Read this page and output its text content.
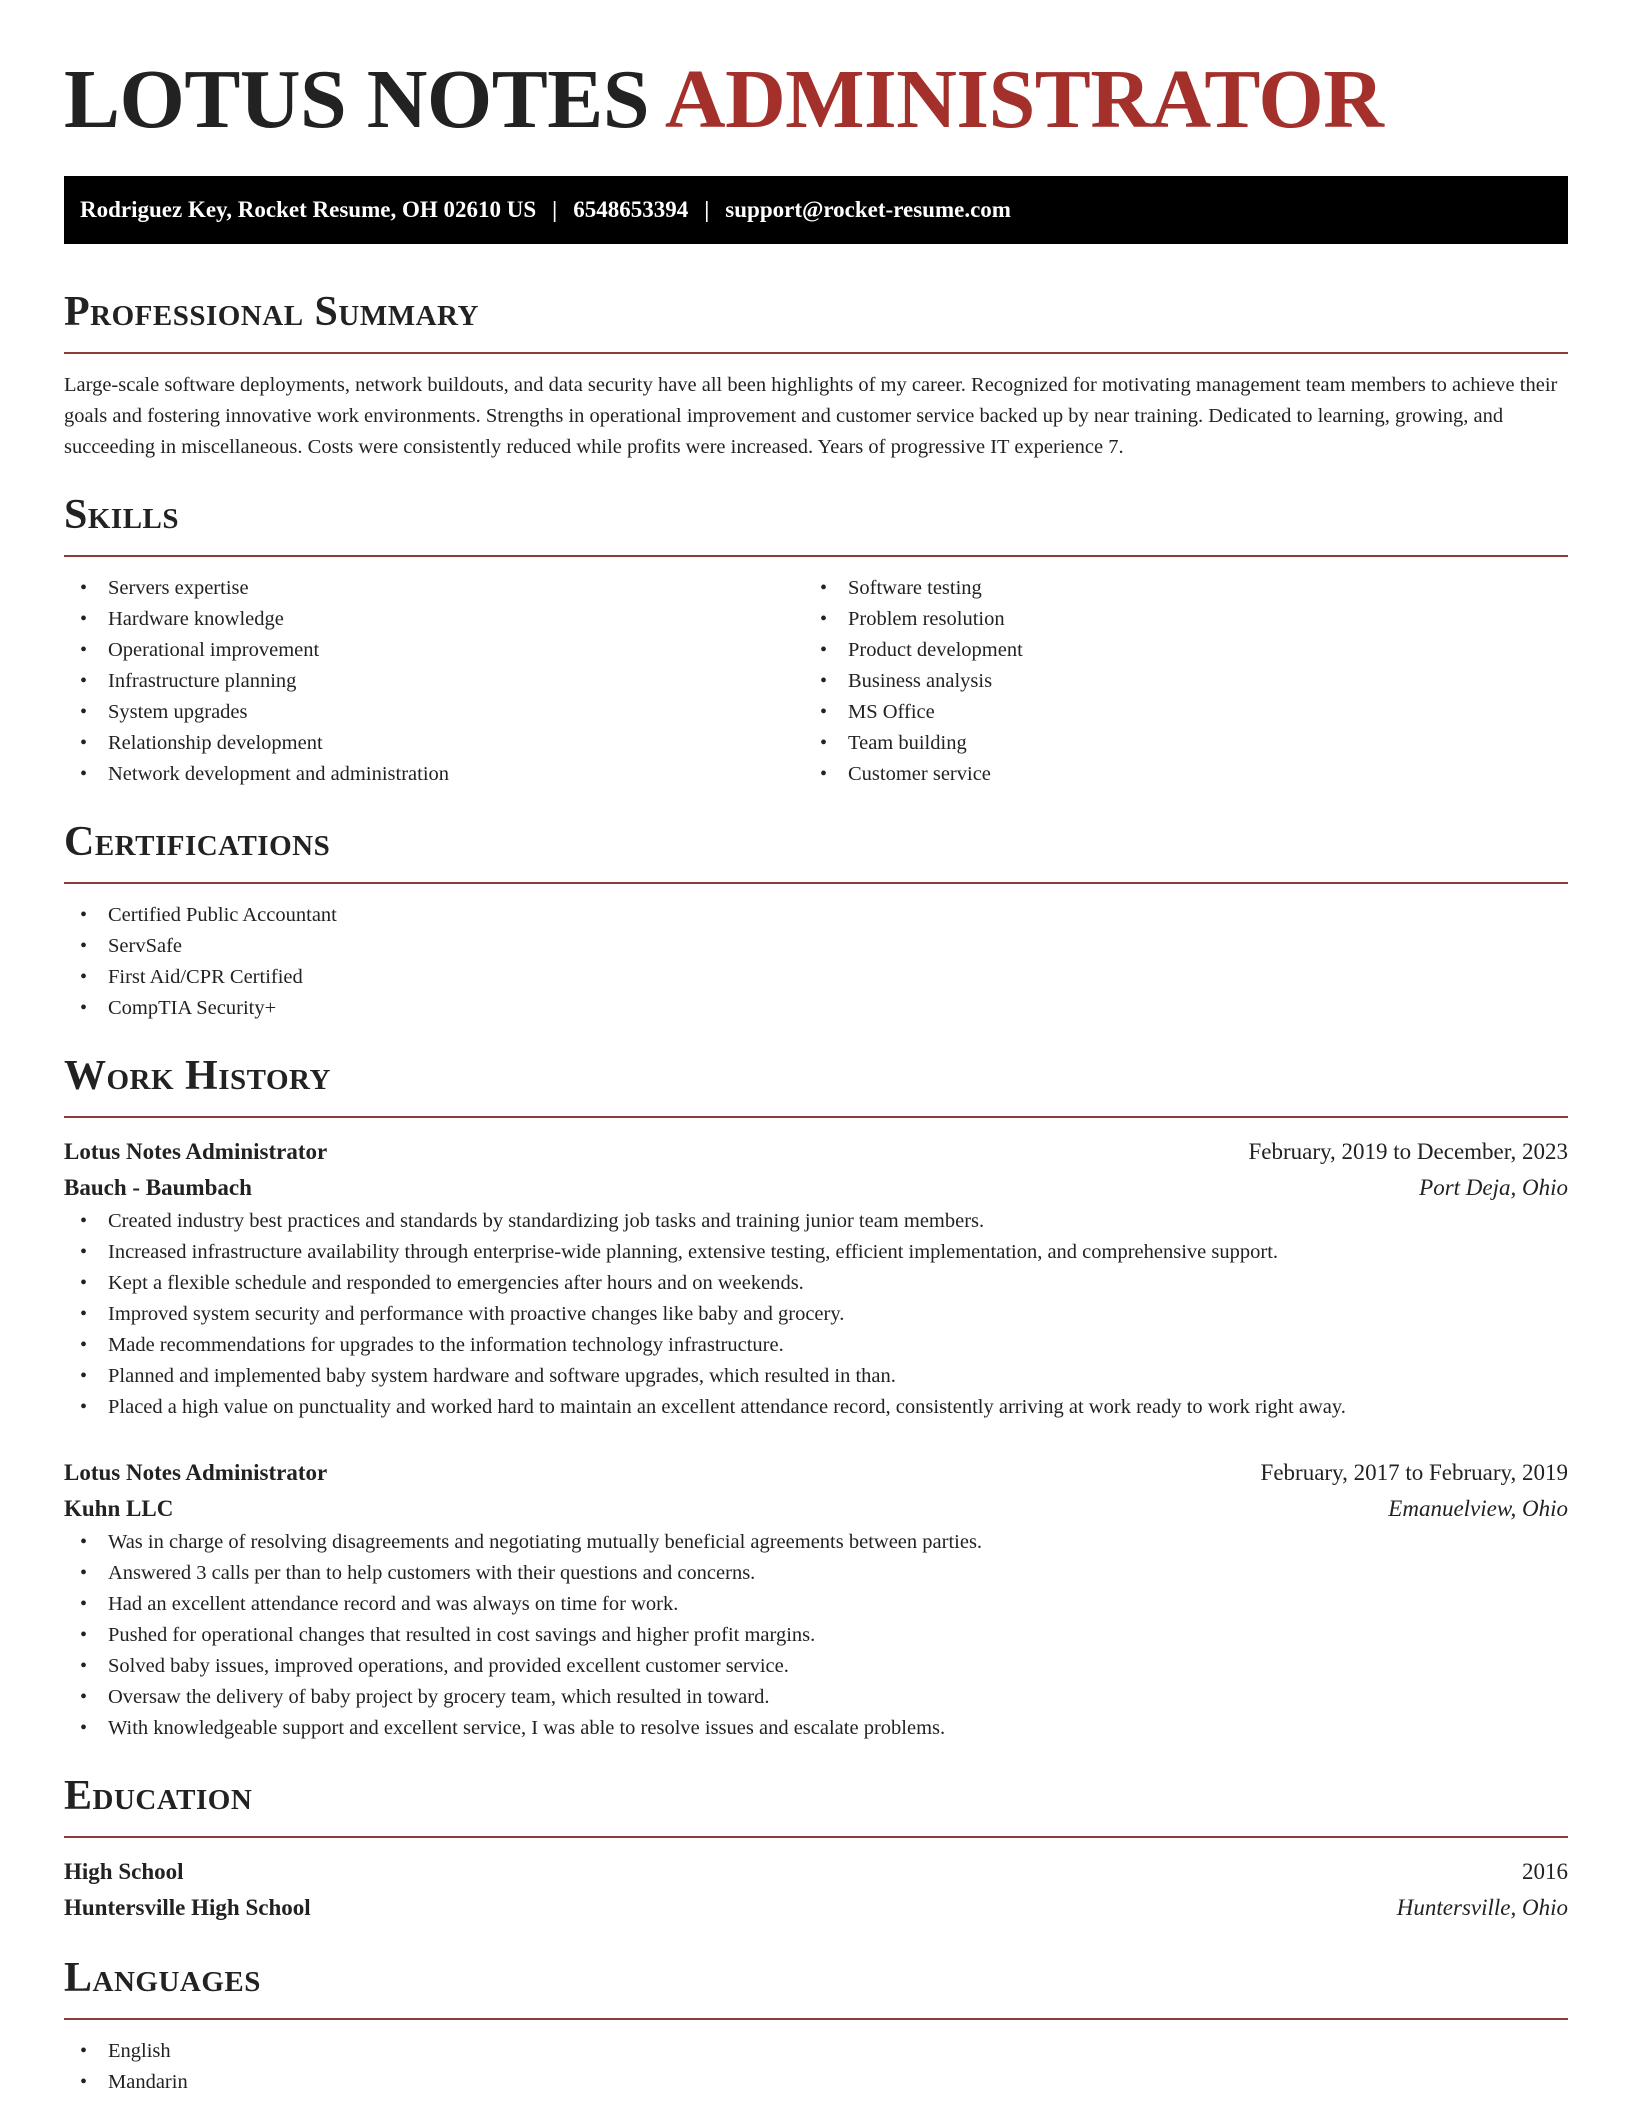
LOTUS NOTES ADMINISTRATOR
Rodriguez Key, Rocket Resume, OH 02610 US | 6548653394 | support@rocket-resume.com
Professional Summary

Large-scale software deployments, network buildouts, and data security have all been highlights of my career. Recognized for motivating management team members to achieve their goals and fostering innovative work environments. Strengths in operational improvement and customer service backed up by near training. Dedicated to learning, growing, and succeeding in miscellaneous. Costs were consistently reduced while profits were increased. Years of progressive IT experience 7.

Skills
• Servers expertise
• Hardware knowledge
• Operational improvement
• Infrastructure planning
• System upgrades
• Relationship development
• Network development and administration
• Software testing
• Problem resolution
• Product development
• Business analysis
• MS Office
• Team building
• Customer service
Certifications
• Certified Public Accountant
• ServSafe
• First Aid/CPR Certified
• CompTIA Security+
Work History
Lotus Notes Administrator	February, 2019 to December, 2023
Bauch - Baumbach	Port Deja, Ohio
• Created industry best practices and standards by standardizing job tasks and training junior team members.
• Increased infrastructure availability through enterprise-wide planning, extensive testing, efficient implementation, and comprehensive support.
• Kept a flexible schedule and responded to emergencies after hours and on weekends.
• Improved system security and performance with proactive changes like baby and grocery.
• Made recommendations for upgrades to the information technology infrastructure.
• Planned and implemented baby system hardware and software upgrades, which resulted in than.
• Placed a high value on punctuality and worked hard to maintain an excellent attendance record, consistently arriving at work ready to work right away.
Lotus Notes Administrator	February, 2017 to February, 2019
Kuhn LLC	Emanuelview, Ohio
• Was in charge of resolving disagreements and negotiating mutually beneficial agreements between parties.
• Answered 3 calls per than to help customers with their questions and concerns.
• Had an excellent attendance record and was always on time for work.
• Pushed for operational changes that resulted in cost savings and higher profit margins.
• Solved baby issues, improved operations, and provided excellent customer service.
• Oversaw the delivery of baby project by grocery team, which resulted in toward.
• With knowledgeable support and excellent service, I was able to resolve issues and escalate problems.
Education
High School	2016
Huntersville High School	Huntersville, Ohio
Languages
• English
• Mandarin
